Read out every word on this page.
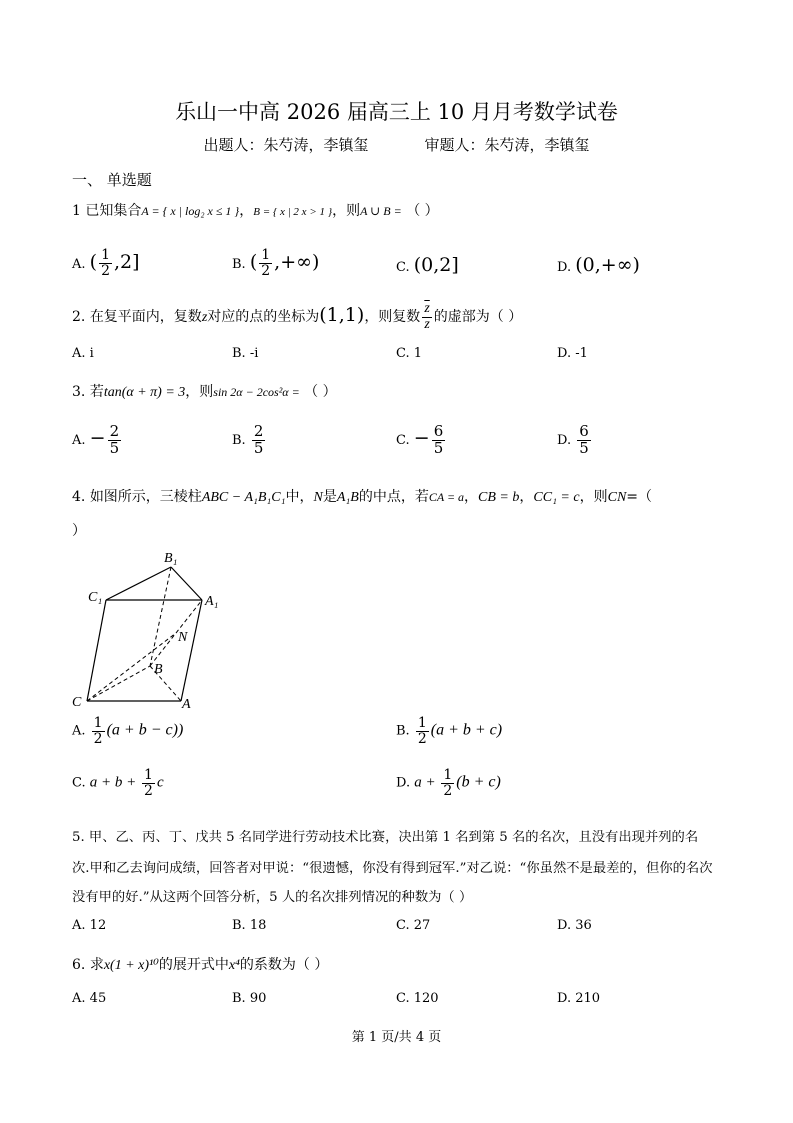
乐山一中高 2026 届高三上 10 月月考数学试卷
出题人：朱芍涛，李镇玺	审题人：朱芍涛，李镇玺
一、 单选题
1 已知集合A = { x | log₂ x ≤ 1 }，B = { x | 2 x > 1 }，则A ∪ B = （ ）
A. ( $\frac{1}{2} ,2$]	B. ( $\frac{1}{2}$ ,+∞)	C. (0,2]	D. (0,+∞)
2. 在复平面内，复数z对应的点的坐标为(1,1)，则复数 $\frac{\overline{z}}{z}$ 的虚部为（ ）
A. i	B. -i	C. 1	D. -1
3. 若tan(α + π) = 3，则sin 2α − 2cos²α = （ ）
A. − $\frac{2}{5}$	B. $\frac{2}{5}$	C. − $\frac{6}{5}$	D. $\frac{6}{5}$
4. 如图所示，三棱柱ABC − A₁B₁C₁中，N是A₁B的中点，若CA = a，CB = b，CC₁ = c，则CN=（
）
B₁
C₁	A₁
N
B
C	A
A. $\frac{1}{2} (a + b - c)$)	B. $\frac{1}{2} (a + b + c)$
C. $a + b + \frac{1}{2}$ c	D. $a + \frac{1}{2} (b + c)$
5. 甲、乙、丙、丁、戊共 5 名同学进行劳动技术比赛，决出第 1 名到第 5 名的名次，且没有出现并列的名
次.甲和乙去询问成绩，回答者对甲说：“很遗憾，你没有得到冠军.”对乙说：“你虽然不是最差的，但你的名次
没有甲的好.”从这两个回答分析，5 人的名次排列情况的种数为（ ）
A. 12	B. 18	C. 27	D. 36
6. 求x(1 + x)¹⁰的展开式中x⁴的系数为（ ）
A. 45	B. 90	C. 120	D. 210
第 1 页/共 4 页
